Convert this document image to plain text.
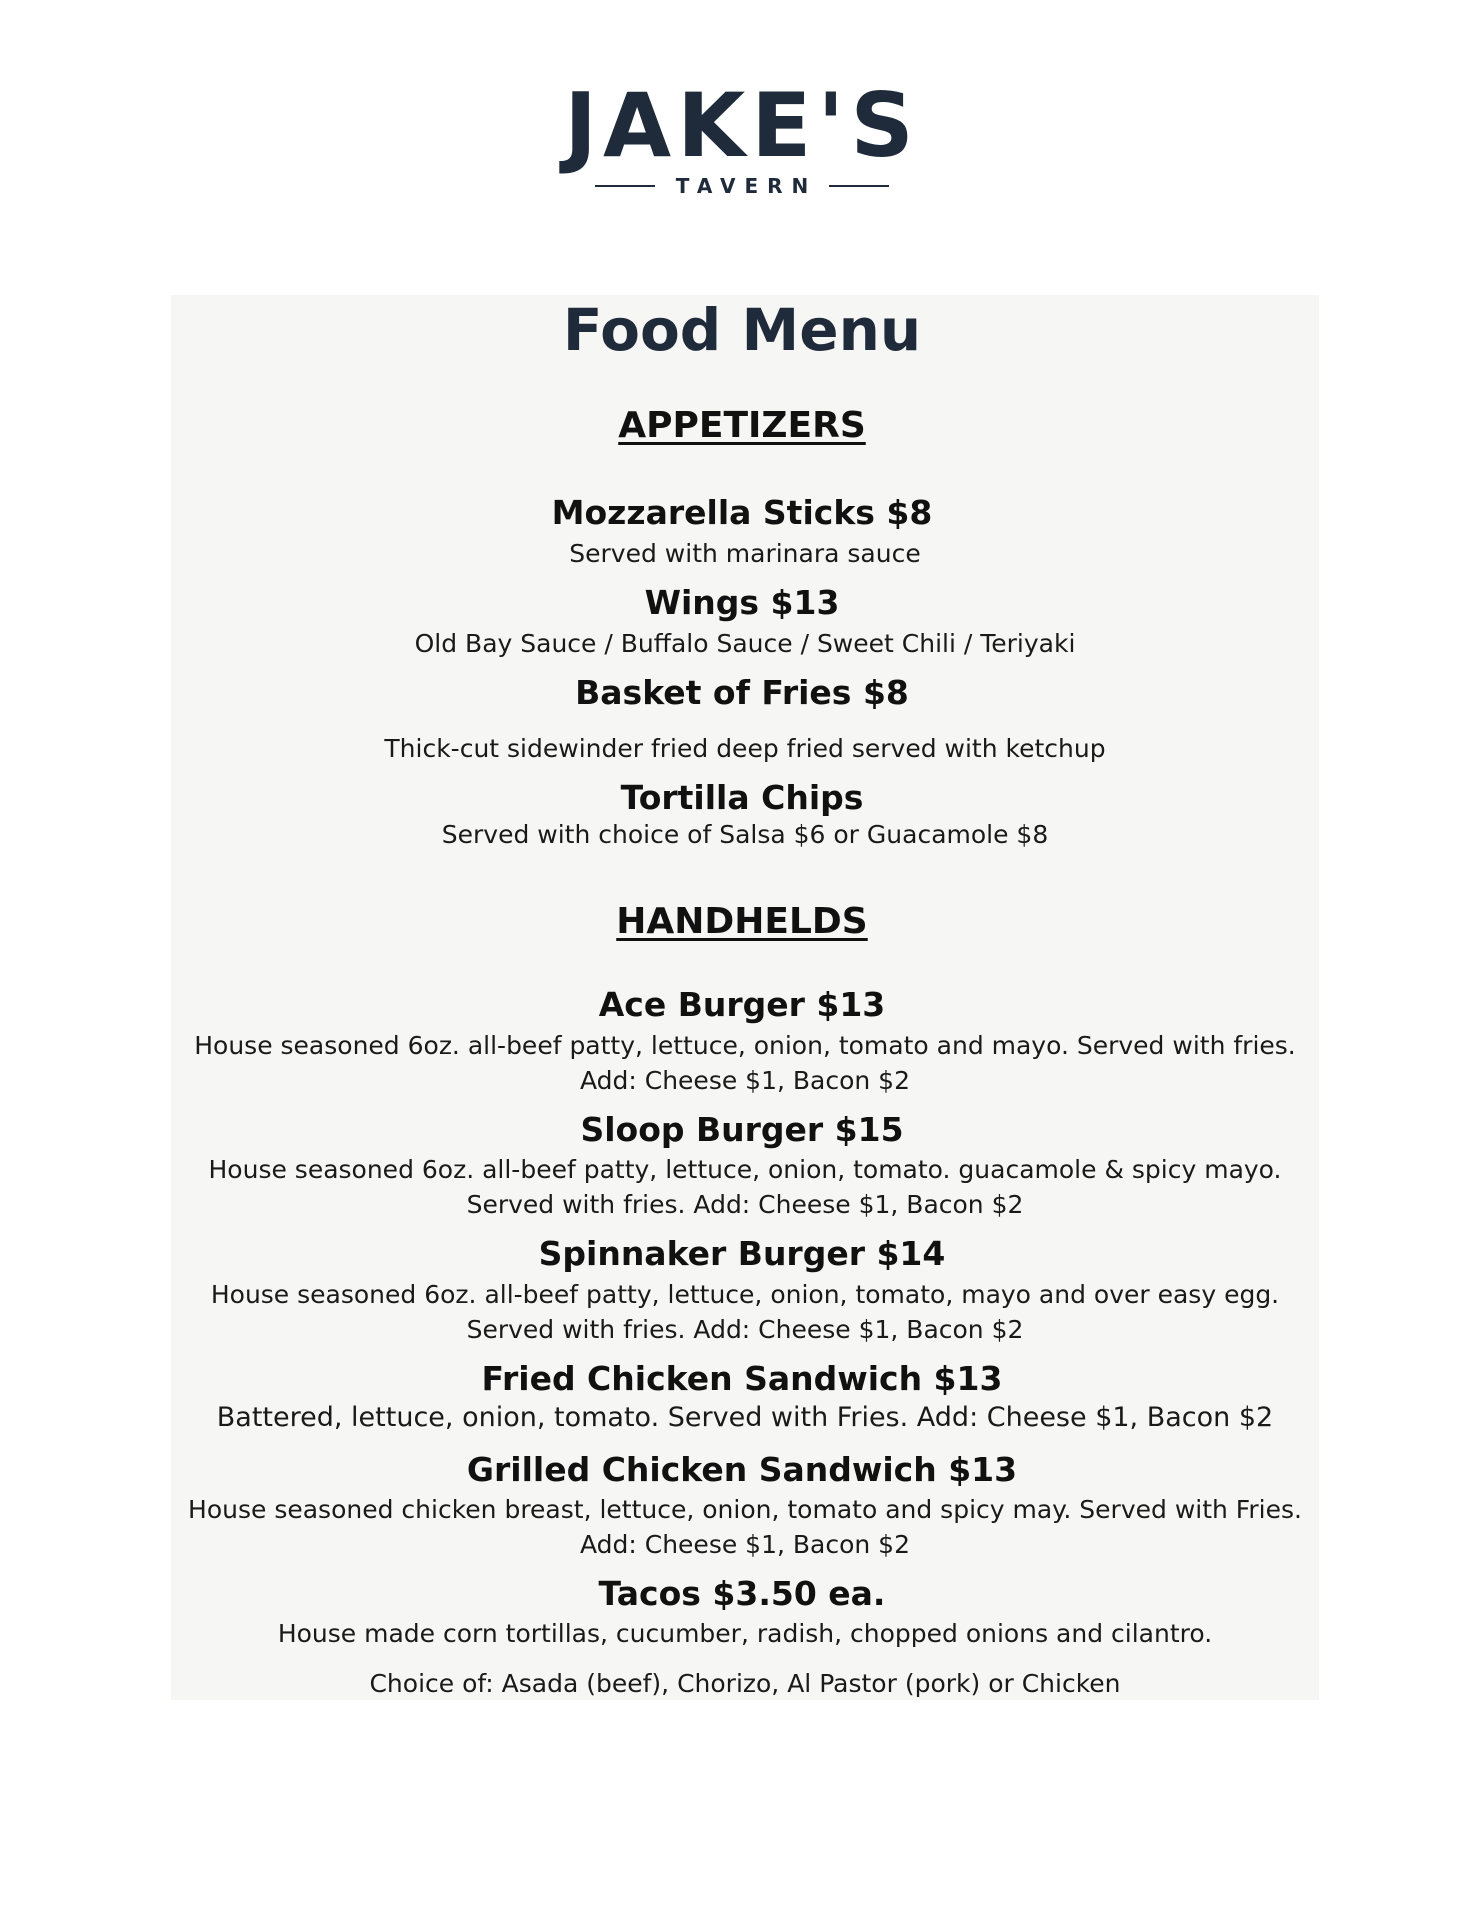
JAKE'S
TAVERN
Food Menu
APPETIZERS
Mozzarella Sticks $8
Served with marinara sauce
Wings $13
Old Bay Sauce / Buffalo Sauce / Sweet Chili / Teriyaki
Basket of Fries $8
Thick-cut sidewinder fried deep fried served with ketchup
Tortilla Chips
Served with choice of Salsa $6 or Guacamole $8
HANDHELDS
Ace Burger $13
House seasoned 6oz. all-beef patty, lettuce, onion, tomato and mayo. Served with fries. Add: Cheese $1, Bacon $2
Sloop Burger $15
House seasoned 6oz. all-beef patty, lettuce, onion, tomato. guacamole & spicy mayo. Served with fries. Add: Cheese $1, Bacon $2
Spinnaker Burger $14
House seasoned 6oz. all-beef patty, lettuce, onion, tomato, mayo and over easy egg. Served with fries. Add: Cheese $1, Bacon $2
Fried Chicken Sandwich $13
Battered, lettuce, onion, tomato. Served with Fries. Add: Cheese $1, Bacon $2
Grilled Chicken Sandwich $13
House seasoned chicken breast, lettuce, onion, tomato and spicy may. Served with Fries. Add: Cheese $1, Bacon $2
Tacos $3.50 ea.
House made corn tortillas, cucumber, radish, chopped onions and cilantro.
Choice of: Asada (beef), Chorizo, Al Pastor (pork) or Chicken
